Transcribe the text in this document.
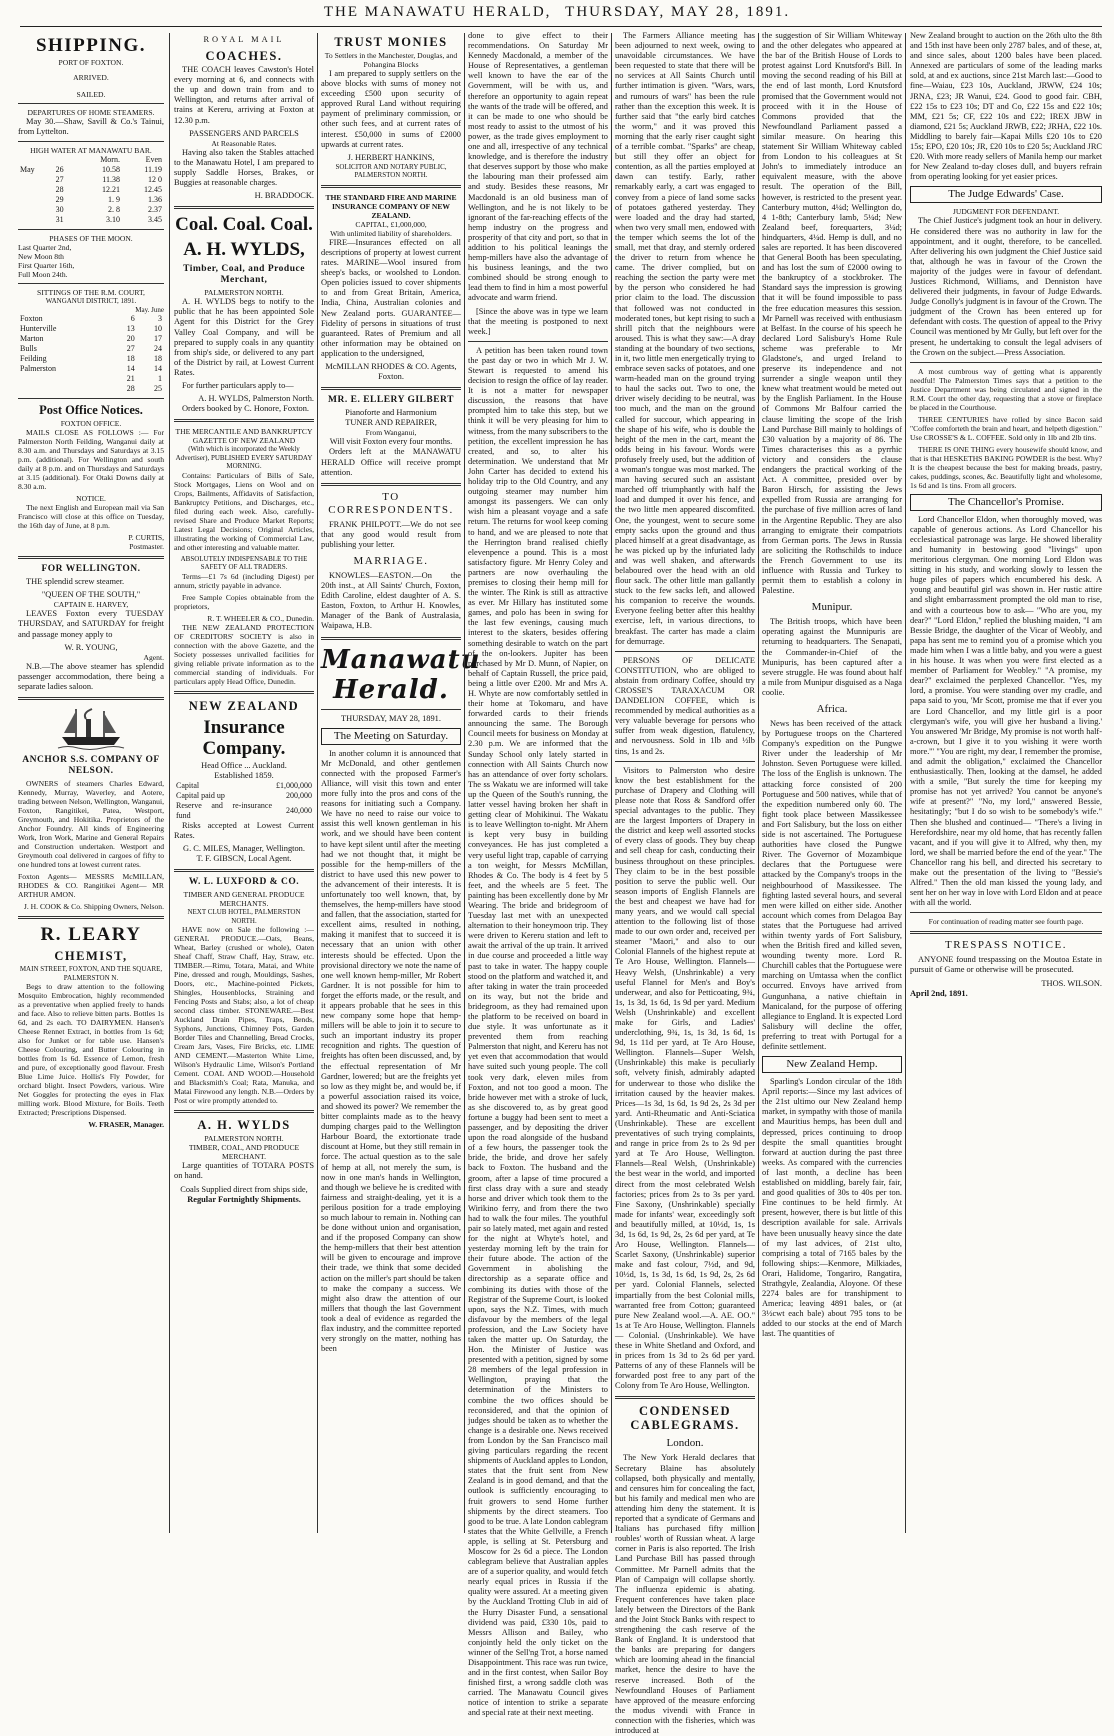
THE MANAWATU HERALD, THURSDAY, MAY 28, 1891.
SHIPPING.
PORT OF FOXTON.
ARRIVED.
SAILED.
DEPARTURES OF HOME STEAMERS.

May 30.—Shaw, Savill & Co.'s Tainui, from Lyttelton.

HIGH WATER AT MANAWATU BAR.
		Morn.	Even
May	26	10.58	11.19
	27	11.38	12 0
	28	12.21	12.45
	29	1. 9	1.36
	30	2. 8	2.37
	31	3.10	3.45
PHASES OF THE MOON.
Last Quarter 2nd,
New Moon 8th
First Quarter 16th,
Full Moon 24th.
SITTINGS OF THE R.M. COURT,
WANGANUI DISTRICT, 1891.
May. June
Foxton	6	3
Hunterville	13	10
Marton	20	17
Bulls	27	24
Feilding	18	18
Palmerston	14	14
	21	1
	28	25
Post Office Notices.
FOXTON OFFICE.

MAILS CLOSE AS FOLLOWS :— For Palmerston North Feilding, Wanganui daily at 8.30 a.m. and Thursdays and Saturdays at 3.15 p.m. (additional). For Wellington and south daily at 8 p.m. and on Thursdays and Saturdays at 3.15 (additional). For Otaki Downs daily at 8.30 a.m.

NOTICE.

The next English and European mail via San Francisco will close at this office on Tuesday, the 16th day of June, at 8 p.m.

P. CURTIS,
Postmaster.
FOR WELLINGTON.

THE splendid screw steamer.

"QUEEN OF THE SOUTH,"
CAPTAIN E. HARVEY,

LEAVES Foxton every TUESDAY THURSDAY, and SATURDAY for freight and passage money apply to

W. R. YOUNG,
Agent.

N.B.—The above steamer has splendid passenger accommodation, there being a separate ladies saloon.

ANCHOR S.S. COMPANY OF NELSON.

OWNERS of steamers Charles Edward, Kennedy, Murray, Waverley, and Aotere, trading between Nelson, Wellington, Wanganui, Foxton, Rangitikei, Patea, Westport, Greymouth, and Hokitika. Proprietors of the Anchor Foundry. All kinds of Engineering Work, Iron Work, Marine and General Repairs and Construction undertaken. Westport and Greymouth coal delivered in cargoes of fifty to one hundred tons at lowest current rates.

Foxton Agents— MESSRS McMILLAN, RHODES & CO. Rangitikei Agent— MR ARTHUR AMON.

J. H. COOK & Co. Shipping Owners, Nelson.
R. LEARY
CHEMIST,
MAIN STREET, FOXTON, AND THE SQUARE, PALMERSTON N.

Begs to draw attention to the following Mosquito Embrocation, highly recommended as a preventative when applied freely to hands and face. Also to relieve bitten parts. Bottles 1s 6d, and 2s each. TO DAIRYMEN. Hansen's Cheese Rennet Extract, in bottles from 1s 6d; also for Junket or for table use. Hansen's Cheese Colouring, and Butter Colouring in bottles from 1s 6d. Essence of Lemon, fresh and pure, of exceptionally good flavour. Fresh Blue Lime Juice. Hollis's Fly Powder, for orchard blight. Insect Powders, various. Wire Net Goggles for protecting the eyes in Flax milling work. Blood Mixture, for Boils. Teeth Extracted; Prescriptions Dispensed.

W. FRASER, Manager.
ROYAL MAIL
COACHES.

THE COACH leaves Cawston's Hotel every morning at 6, and connects with the up and down train from and to Wellington, and returns after arrival of trains at Kereru, arriving at Foxton at 12.30 p.m.

PASSENGERS AND PARCELS
At Reasonable Rates.

Having also taken the Stables attached to the Manawatu Hotel, I am prepared to supply Saddle Horses, Brakes, or Buggies at reasonable charges.

H. BRADDOCK.
Coal. Coal. Coal.
A. H. WYLDS,
Timber, Coal, and Produce Merchant,
PALMERSTON NORTH.

A. H. WYLDS begs to notify to the public that he has been appointed Sole Agent for this District for the Grey Valley Coal Company, and will be prepared to supply coals in any quantity from ship's side, or delivered to any part of the District by rail, at Lowest Current Rates.

For further particulars apply to—

A. H. WYLDS, Palmerston North.

Orders booked by C. Honore, Foxton.

THE MERCANTILE AND BANKRUPTCY GAZETTE OF NEW ZEALAND
(With which is incorporated the Weekly Advertiser), PUBLISHED EVERY SATURDAY MORNING.

Contains: Particulars of Bills of Sale, Stock Mortgages, Liens on Wool and on Crops, Bailments, Affidavits of Satisfaction, Bankruptcy Petitions, and Discharges, etc., filed during each week. Also, carefully-revised Share and Produce Market Reports; Latest Legal Decisions; Original Articles, illustrating the working of Commercial Law, and other interesting and valuable matter.

ABSOLUTELY INDISPENSABLE TO THE SAFETY OF ALL TRADERS.

Terms—£1 7s 6d (including Digest) per annum, strictly payable in advance.

Free Sample Copies obtainable from the proprietors,

R. T. WHEELER & CO., Dunedin.

THE NEW ZEALAND PROTECTION OF CREDITORS' SOCIETY is also in connection with the above Gazette, and the Society possesses unrivalled facilities for giving reliable private information as to the commercial standing of individuals. For particulars apply Head Office, Dunedin.

NEW ZEALAND
Insurance Company.
Head Office ... Auckland.
Established 1859.
Capital	£1,000,000
Capital paid up	200,000
Reserve and re-insurance fund	240,000

Risks accepted at Lowest Current Rates.

G. C. MILES, Manager, Wellington.
T. F. GIBSCN, Local Agent.
W. L. LUXFORD & CO.
TIMBER AND GENERAL PRODUCE MERCHANTS.
NEXT CLUB HOTEL, PALMERSTON NORTH.

HAVE now on Sale the following :— GENERAL PRODUCE.—Oats, Beans, Wheat, Barley (crushed or whole), Oaten Sheaf Chaff, Straw Chaff, Hay, Straw, etc. TIMBER.—Rimu, Totara, Matai, and White Pine, dressed and rough, Mouldings, Sashes, Doors, etc., Machine-pointed Pickets, Shingles, Housenblocks, Straining and Fencing Posts and Stabs; also, a lot of cheap second class timber. STONEWARE.—Best Auckland Drain Pipes, Traps, Bends, Syphons, Junctions, Chimney Pots, Garden Border Tiles and Channelling, Bread Crocks, Cream Jars, Vases, Fire Bricks, etc. LIME AND CEMENT.—Masterton White Lime, Wilson's Hydraulic Lime, Wilson's Portland Cement. COAL AND WOOD.—Household and Blacksmith's Coal; Rata, Manuka, and Matai Firewood any length. N.B.—Orders by Post or wire promptly attended to.

A. H. WYLDS
PALMERSTON NORTH.
TIMBER, COAL, AND PRODUCE MERCHANT.

Large quantities of TOTARA POSTS on hand.

Coals Supplied direct from ships side,
Regular Fortnightly Shipments.
TRUST MONIES
To Settlers in the Manchester, Douglas, and Pohangina Blocks

I am prepared to supply settlers on the above blocks with sums of money not exceeding £500 upon security of approved Rural Land without requiring payment of preliminary commission, or other such fees, and at current rates of interest. £50,000 in sums of £2000 upwards at current rates.

J. HERBERT HANKINS,
SOLICITOR AND NOTARY PUBLIC, PALMERSTON NORTH.
THE STANDARD FIRE AND MARINE INSURANCE COMPANY OF NEW ZEALAND.
CAPITAL, £1,000,000,
With unlimited liability of shareholders.

FIRE—Insurances effected on all descriptions of property at lowest current rates. MARINE—Wool insured from sheep's backs, or woolshed to London. Open policies issued to cover shipments to and from Great Britain, America, India, China, Australian colonies and New Zealand ports. GUARANTEE—Fidelity of persons in situations of trust guaranteed. Rates of Premium and all other information may be obtained on application to the undersigned,

McMILLAN RHODES & CO. Agents, Foxton.
MR. E. ELLERY GILBERT
Pianoforte and Harmonium
TUNER AND REPAIRER,
From Wanganui,
Will visit Foxton every four months.

Orders left at the MANAWATU HERALD Office will receive prompt attention.

TO CORRESPONDENTS.

FRANK PHILPOTT.—We do not see that any good would result from publishing your letter.

MARRIAGE.

KNOWLES—EASTON.—On the 20th inst., at All Saints' Church, Foxton, Edith Caroline, eldest daughter of A. S. Easton, Foxton, to Arthur H. Knowles, Manager of the Bank of Australasia, Waipawa, H.B.

Manawatu Herald.
THURSDAY, MAY 28, 1891.
The Meeting on Saturday.

In another column it is announced that Mr McDonald, and other gentlemen connected with the proposed Farmer's Alliance, will visit this town and enter more fully into the pros and cons of the reasons for initiating such a Company. We have no need to raise our voice to assist this well known gentleman in his work, and we should have been content to have kept silent until after the meeting had we not thought that, it might be possible for the hemp-millers of the district to have used this new power to the advancement of their interests. It is unfortunately too well known, that, by themselves, the hemp-millers have stood and fallen, that the association, started for excellent aims, resulted in nothing, making it manifest that to succeed it is necessary that an union with other interests should be effected. Upon the provisional directory we note the name of one well known hemp-miller, Mr Robert Gardner. It is not possible for him to forget the efforts made, or the result, and it appears probable that he sees in this new company some hope that hemp-millers will be able to join it to secure to such an important industry its proper recognition and rights. The question of freights has often been discussed, and, by the effectual representation of Mr Gardner, lowered; but are the freights yet so low as they might be, and would be, if a powerful association raised its voice, and showed its power? We remember the bitter complaints made as to the heavy dumping charges paid to the Wellington Harbour Board, the extortionate trade discount at Home, but they still remain in force. The actual question as to the sale of hemp at all, not merely the sum, is now in one man's hands in Wellington, and though we believe he is credited with fairness and straight-dealing, yet it is a perilous position for a trade employing so much labour to remain in. Nothing can be done without union and organisation, and if the proposed Company can show the hemp-millers that their best attention will be given to encourage and improve their trade, we think that some decided action on the miller's part should be taken to make the company a success. We might also draw the attention of our millers that though the last Government took a deal of evidence as regarded the flax industry, and the committee reported very strongly on the matter, nothing has been

done to give effect to their recommendations. On Saturday Mr Kennedy Macdonald, a member of the House of Representatives, a gentleman well known to have the ear of the Government, will be with us, and therefore an opportunity to again repeat the wants of the trade will be offered, and it can be made to one who should be most ready to assist to the utmost of his power, as the trade gives employment to one and all, irrespective of any technical knowledge, and is therefore the industry that deserves support by those who make the labouring man their professed aim and study. Besides these reasons, Mr Macdonald is an old business man of Wellington, and he is not likely to be ignorant of the far-reaching effects of the hemp industry on the progress and prosperity of that city and port, so that in addition to his political leanings the hemp-millers have also the advantage of his business leanings, and the two combined should be strong enough to lead them to find in him a most powerful advocate and warm friend.

[Since the above was in type we learn that the meeting is postponed to next week.]

A petition has been taken round town the past day or two in which Mr J. W. Stewart is requested to amend his decision to resign the office of lay reader. It is not a matter for newspaper discussion, the reasons that have prompted him to take this step, but we think it will be very pleasing for him to witness, from the many subscribers to the petition, the excellent impression he has created, and so, to alter his determination. We understand that Mr John Carter has decided to extend his holiday trip to the Old Country, and any outgoing steamer may number him amongst its passengers. We can only wish him a pleasant voyage and a safe return. The returns for wool keep coming to hand, and we are pleased to note that the Herrington brand realised chiefly elevenpence a pound. This is a most satisfactory figure. Mr Henry Coley and partners are now overhauling the premises to closing their hemp mill for the winter. The Rink is still as attractive as ever. Mr Hillary has instituted some games, and polo has been in swing for the last few evenings, causing much interest to the skaters, besides offering something desirable to watch on the part of the on-lookers. Jupiter has been purchased by Mr D. Munn, of Napier, on behalf of Captain Russell, the price paid, being a little over £200. Mr and Mrs A. H. Whyte are now comfortably settled in their home at Tokomaru, and have forwarded cards to their friends announcing the same. The Borough Council meets for business on Monday at 2.30 p.m. We are informed that the Sunday School only lately started in connection with All Saints Church now has an attendance of over forty scholars. The ss Wakatu we are informed will take up the Queen of the South's running, the latter vessel having broken her shaft in getting clear of Mohikinui. The Wakatu is to leave Wellington to-night. Mr Ahern is kept very busy in building conveyances. He has just completed a very useful light trap, capable of carrying a ton weight, for Messrs McMillan, Rhodes & Co. The body is 4 feet by 5 feet, and the wheels are 5 feet. The painting has been excellently done by Mr Wearing. The bride and bridegroom of Tuesday last met with an unexpected alternation to their honeymoon trip. They were driven to Kereru station and left to await the arrival of the up train. It arrived in due course and proceeded a little way past to take in water. The happy couple stood on the platform and watched it, and after taking in water the train proceeded on its way, but not the bride and bridegroom, as they had remained upon the platform to be received on board in due style. It was unfortunate as it prevented them from reaching Palmerston that night, and Kereru has not yet even that accommodation that would have suited such young people. The coll took very dark, eleven miles from Foxton, and not too good a moon. The bride however met with a stroke of luck, as she discovered to, as by great good fortune a buggy had been sent to meet a passenger, and by depositing the driver upon the road alongside of the husband of a few hours, the passenger took the bride, the bride, and drove her safely back to Foxton. The husband and the groom, after a lapse of time procured a first class dray with a sure and steady horse and driver which took them to the Wirikino ferry, and from there the two had to walk the four miles. The youthful pair so lately mated, met again and rested for the night at Whyte's hotel, and yesterday morning left by the train for their future abode. The action of the Government in abolishing the directorship as a separate office and combining its duties with those of the Registrar of the Supreme Court, is looked upon, says the N.Z. Times, with much disfavour by the members of the legal profession, and the Law Society have taken the matter up. On Saturday, the Hon. the Minister of Justice was presented with a petition, signed by some 28 members of the legal profession in Wellington, praying that the determination of the Ministers to combine the two offices should be reconsidered, and that the opinion of judges should be taken as to whether the change is a desirable one. News received from London by the San Francisco mail giving particulars regarding the recent shipments of Auckland apples to London, states that the fruit sent from New Zealand is in good demand, and that the outlook is sufficiently encouraging to fruit growers to send Home further shipments by the direct steamers. Too good to be true. A late London cablegram states that the White Gellville, a French apple, is selling at St. Petersburg and Moscow for 2s 6d a piece. The London cablegram believe that Australian apples are of a superior quality, and would fetch nearly equal prices in Russia if the quality were assured. At a meeting given by the Auckland Trotting Club in aid of the Hurry Disaster Fund, a sensational dividend was paid, £330 10s, paid to Messrs Allison and Bailey, who conjointly held the only ticket on the winner of the Sell'ng Trot, a horse named Disappointment. This race was run twice, and in the first contest, when Sailor Boy finished first, a wrong saddle cloth was carried. The Manawatu Council gives notice of intention to strike a separate and special rate at their next meeting.

The Farmers Alliance meeting has been adjourned to next week, owing to unavoidable circumstances. We have been requested to state that there will be no services at All Saints Church until further intimation is given. "Wars, wars, and rumours of wars" has been the rule rather than the exception this week. It is further said that "the early bird catches the worm," and it was proved this morning that the early riser caught sight of a terrible combat. "Sparks" are cheap, but still they offer an object for contention, as all the parties employed at dawn can testify. Early, rather remarkably early, a cart was engaged to convey from a piece of land some sacks of potatoes gathered yesterday. They were loaded and the dray had started, when two very small men, endowed with the temper which seems the lot of the small, met that dray, and sternly ordered the driver to return from whence he came. The driver complied, but on reaching the section the party were met by the person who considered he had prior claim to the load. The discussion that followed was not conducted in moderated tones, but kept rising to such a shrill pitch that the neighbours were aroused. This is what they saw:—A dray standing at the boundary of two sections, in it, two little men energetically trying to embrace seven sacks of potatoes, and one warm-headed man on the ground trying to haul the sacks out. Two to one, the driver wisely deciding to be neutral, was too much, and the man on the ground called for succour, which appearing in the shape of his wife, who is double the height of the men in the cart, meant the odds being in his favour. Words were profusely freely used, but the addition of a woman's tongue was most marked. The man having secured such an assistant marched off triumphantly with half the load and dumped it over his fence, and the two little men appeared discomfited. One, the youngest, went to secure some empty sacks upon the ground and thus placed himself at a great disadvantage, as he was picked up by the infuriated lady and was well shaken, and afterwards belaboured over the head with an old flour sack. The other little man gallantly stuck to the few sacks left, and allowed his companion to receive the wounds. Everyone feeling better after this healthy exercise, left, in various directions, to breakfast. The carter has made a claim for demurrage.

PERSONS OF DELICATE CONSTITUTION, who are obliged to abstain from ordinary Coffee, should try CROSSE'S TARAXACUM OR DANDELION COFFEE, which is recommended by medical authorities as a very valuable beverage for persons who suffer from weak digestion, flatulency, and nervousness. Sold in 1lb and ½lb tins, 1s and 2s.

Visitors to Palmerston who desire know the best establishment for the purchase of Drapery and Clothing will please note that Ross & Sandford offer special advantages to the public. They are the largest Importers of Drapery in the district and keep well assorted stocks of every class of goods. They buy cheap and sell cheap for cash, conducting their business throughout on these principles. They claim to be in the best possible position to serve the public well. Our season imports of English Flannels are the best and cheapest we have had for many years, and we would call special attention to the following list of those made to our own order and, received per steamer "Maori," and also to our Colonial Flannels of the highest repute at Te Aro House, Wellington. Flannels—Heavy Welsh, (Unshrinkable) a very useful Flannel for Men's and Boy's underwear, and also for Petticoating, 9¾, 1s, 1s 3d, 1s 6d, 1s 9d per yard. Medium Welsh (Unshrinkable) and excellent make for Girls, and Ladies' underclothing, 9¾, 1s, 1s 3d, 1s 6d, 1s 9d, 1s 11d per yard, at Te Aro House, Wellington. Flannels—Super Welsh, (Unshrinkable) this make is peculiarly soft, velvety finish, admirably adapted for underwear to those who dislike the irritation caused by the heavier makes. Prices—1s 3d, 1s 6d, 1s 9d 2s, 2s 3d per yard. Anti-Rheumatic and Anti-Sciatica (Unshrinkable). These are excellent preventatives of such trying complaints, and range in price from 2s to 2s 9d per yard at Te Aro House, Wellington. Flannels—Real Welsh, (Unshrinkable) the best wear in the world, and imported direct from the most celebrated Welsh factories; prices from 2s to 3s per yard. Fine Saxony, (Unshrinkable) specially made for infants' wear, exceedingly soft and beautifully milled, at 10½d, 1s, 1s 3d, 1s 6d, 1s 9d, 2s, 2s 6d per yard, at Te Aro House, Wellington. Flannels—Scarlet Saxony, (Unshrinkable) superior make and fast colour, 7½d, and 9d, 10½d, 1s, 1s 3d, 1s 6d, 1s 9d, 2s, 2s 6d per yard. Colonial Flannels, selected impartially from the best Colonial mills, warranted free from Cotton; guaranteed pure New Zealand wool.—A. AE. OO." 1s at Te Aro House, Wellington. Flannels — Colonial. (Unshrinkable). We have these in White Shetland and Oxford, and in prices from 1s 3d to 2s 6d per yard. Patterns of any of these Flannels will be forwarded post free to any part of the Colony from Te Aro House, Wellington.

CONDENSED CABLEGRAMS.
London.

The New York Herald declares that Secretary Blaine has absolutely collapsed, both physically and mentally, and censures him for concealing the fact, but his family and medical men who are attending him deny the statement. It is reported that a syndicate of Germans and Italians has purchased fifty million roubles' worth of Russian wheat. A large corner in Paris is also reported. The Irish Land Purchase Bill has passed through Committee. Mr Parnell admits that the Plan of Campaign will collapse shortly. The influenza epidemic is abating. Frequent conferences have taken place lately between the Directors of the Bank and the Joint Stock Banks with respect to strengthening the cash reserve of the Bank of England. It is understood that the banks are preparing for dangers which are looming ahead in the financial market, hence the desire to have the reserve increased. Both of the Newfoundland Houses of Parliament have approved of the measure enforcing the modus vivendi with France in connection with the fisheries, which was introduced at

the suggestion of Sir William Whiteway and the other delegates who appeared at the bar of the British House of Lords to protest against Lord Knutsford's Bill. In moving the second reading of his Bill at the end of last month, Lord Knutsford promised that the Government would not proceed with it in the House of Commons provided that the Newfoundland Parliament passed a similar measure. On hearing this statement Sir William Whiteway cabled from London to his colleagues at St John's to immediately introduce an equivalent measure, with the above result. The operation of the Bill, however, is restricted to the present year. Canterbury mutton, 4¼d; Wellington do, 4 1-8th; Canterbury lamb, 5¼d; New Zealand beef, forequarters, 3¼d; hindquarters, 4¼d. Hemp is dull, and no sales are reported. It has been discovered that General Booth has been speculating, and has lost the sum of £2000 owing to the bankruptcy of a stockbroker. The Standard says the impression is growing that it will be found impossible to pass the free education measures this session. Mr Parnell was received with enthusiasm at Belfast. In the course of his speech he declared Lord Salisbury's Home Rule scheme was preferable to Mr Gladstone's, and urged Ireland to preserve its independence and not surrender a single weapon until they knew what treatment would be meted out by the English Parliament. In the House of Commons Mr Balfour carried the clause limiting the scope of the Irish Land Purchase Bill mainly to holdings of £30 valuation by a majority of 86. The Times characterises this as a pyrrhic victory and considers the clause endangers the practical working of the Act. A committee, presided over by Baron Hirsch, for assisting the Jews expelled from Russia are arranging for the purchase of five million acres of land in the Argentine Republic. They are also arranging to emigrate their compatriots from German ports. The Jews in Russia are soliciting the Rothschilds to induce the French Government to use its influence with Russia and Turkey to permit them to establish a colony in Palestine.

Munipur.

The British troops, which have been operating against the Munnipuris are returning to headquarters. The Senapati, the Commander-in-Chief of the Munipuris, has been captured after a severe struggle. He was found about half a mile from Munipur disguised as a Naga coolie.

Africa.

News has been received of the attack by Portuguese troops on the Chartered Company's expedition on the Pungwe River under the leadership of Mr Johnston. Seven Portuguese were killed. The loss of the English is unknown. The attacking force consisted of 200 Portuguese and 500 natives, while that of the expedition numbered only 60. The fight took place between Massikessee and Fort Salisbury, but the loss on either side is not ascertained. The Portuguese authorities have closed the Pungwe River. The Governor of Mozambique declares that the Portuguese were attacked by the Company's troops in the neighbourhood of Massikessee. The fighting lasted several hours, and several men were killed on either side. Another account which comes from Delagoa Bay states that the Portuguese had arrived within twenty yards of Fort Salisbury, when the British fired and killed seven, wounding twenty more. Lord R. Churchill cables that the Portuguese were marching on Umtassa when the conflict occurred. Envoys have arrived from Gungunhana, a native chieftain in Manicaland, for the purpose of offering allegiance to England. It is expected Lord Salisbury will decline the offer, preferring to treat with Portugal for a definite settlement.

New Zealand Hemp.

Sparling's London circular of the 18th April reports:—Since my last advices of the 21st ultimo our New Zealand hemp market, in sympathy with those of manila and Mauritius hemps, has been dull and depressed, prices continuing to droop despite the small quantities brought forward at auction during the past three weeks. As compared with the currencies of last month, a decline has been established on middling, barely fair, fair, and good qualities of 30s to 40s per ton. Fine continues to be held firmly. At present, however, there is but little of this description available for sale. Arrivals have been unusually heavy since the date of my last advices, of 21st ulto, comprising a total of 7165 bales by the following ships:—Kenmore, Milkiades, Orari, Halidome, Tongariro, Rangatira, Strathgyle, Zealandia, Aloyone. Of these 2274 bales are for transhipment to America; leaving 4891 bales, or (at 3½cwt each bale) about 795 tons to be added to our stocks at the end of March last. The quantities of

New Zealand brought to auction on the 26th ulto the 8th and 15th inst have been only 2787 bales, and of these, at, and since sales, about 1200 bales have been placed. Annexed are particulars of some of the leading marks sold, at and ex auctions, since 21st March last:—Good to fine—Waiau, £23 10s, Auckland, JRWW, £24 10s; JRNA, £23; JR Wanui, £24. Good to good fair. CBH, £22 15s to £23 10s; DT and Co, £22 15s and £22 10s; MM, £21 5s; CF, £22 10s and £22; IREX JBW in diamond, £21 5s; Auckland JRWB, £22; JRHA, £22 10s. Middling to barely fair—Kapai Mills £20 10s to £20 15s; EPO, £20 10s; JR, £20 10s to £20 5s; Auckland JRC £20. With more ready sellers of Manila hemp our market for New Zealand to-day closes dull, and buyers refrain from operating looking for yet easier prices.

The Judge Edwards' Case.
JUDGMENT FOR DEFENDANT.

The Chief Justice's judgment took an hour in delivery. He considered there was no authority in law for the appointment, and it ought, therefore, to be cancelled. After delivering his own judgment the Chief Justice said that, although he was in favour of the Crown the majority of the judges were in favour of defendant. Justices Richmond, Williams, and Denniston have delivered their judgments, in favour of Judge Edwards. Judge Conolly's judgment is in favour of the Crown. The judgment of the Crown has been entered up for defendant with costs. The question of appeal to the Privy Council was mentioned by Mr Gully, but left over for the present, he undertaking to consult the legal advisers of the Crown on the subject.—Press Association.

A most cumbrous way of getting what is apparently needful! The Palmerston Times says that a petition to the Justice Department was being circulated and signed in the R.M. Court the other day, requesting that a stove or fireplace be placed in the Courthouse.

THREE CENTURIES have rolled by since Bacon said "Coffee comforteth the brain and heart, and helpeth digestion." Use CROSSE'S & L. COFFEE. Sold only in 1lb and 2lb tins.

THERE IS ONE THING every housewife should know, and that is that HESKETHS BAKING POWDER is the best. Why? It is the cheapest because the best for making breads, pastry, cakes, puddings, scones, &c. Beautifully light and wholesome, 1s 6d and 1s tins. From all grocers.

The Chancellor's Promise.

Lord Chancellor Eldon, when thoroughly moved, was capable of generous actions. As Lord Chancellor his ecclesiastical patronage was large. He showed liberality and humanity in bestowing good "livings" upon meritorious clergyman. One morning Lord Eldon was sitting in his study, and working slowly to lessen the huge piles of papers which encumbered his desk. A young and beautiful girl was shown in. Her rustic attire and slight embarrassment prompted the old man to rise, and with a courteous bow to ask— "Who are you, my dear?" "Lord Eldon," replied the blushing maiden, "I am Bessie Bridge, the daughter of the Vicar of Weobly, and papa has sent me to remind you of a promise which you made him when I was a little baby, and you were a guest in his house. It was when you were first elected as a member of Parliament for Weobley." "A promise, my dear?" exclaimed the perplexed Chancellor. "Yes, my lord, a promise. You were standing over my cradle, and papa said to you, 'Mr Scott, promise me that if ever you are Lord Chancellor, and my little girl is a poor clergyman's wife, you will give her husband a living.' You answered 'Mr Bridge, My promise is not worth half-a-crown, but I give it to you wishing it were worth more.'" "You are right, my dear, I remember the promise, and admit the obligation," exclaimed the Chancellor enthusiastically. Then, looking at the damsel, he added with a smile, "But surely the time for keeping my promise has not yet arrived? You cannot be anyone's wife at present?" "No, my lord," answered Bessie, hesitatingly; "but I do so wish to be somebody's wife." Then she blushed and continued— "There's a living in Herefordshire, near my old home, that has recently fallen vacant, and if you will give it to Alfred, why then, my lord, we shall be married before the end of the year." The Chancellor rang his bell, and directed his secretary to make out the presentation of the living to "Bessie's Alfred." Then the old man kissed the young lady, and sent her on her way in love with Lord Eldon and at peace with all the world.

For continuation of reading matter see fourth page.
TRESPASS NOTICE.

ANYONE found trespassing on the Moutoa Estate in pursuit of Game or otherwise will be prosecuted.

THOS. WILSON.
April 2nd, 1891.
